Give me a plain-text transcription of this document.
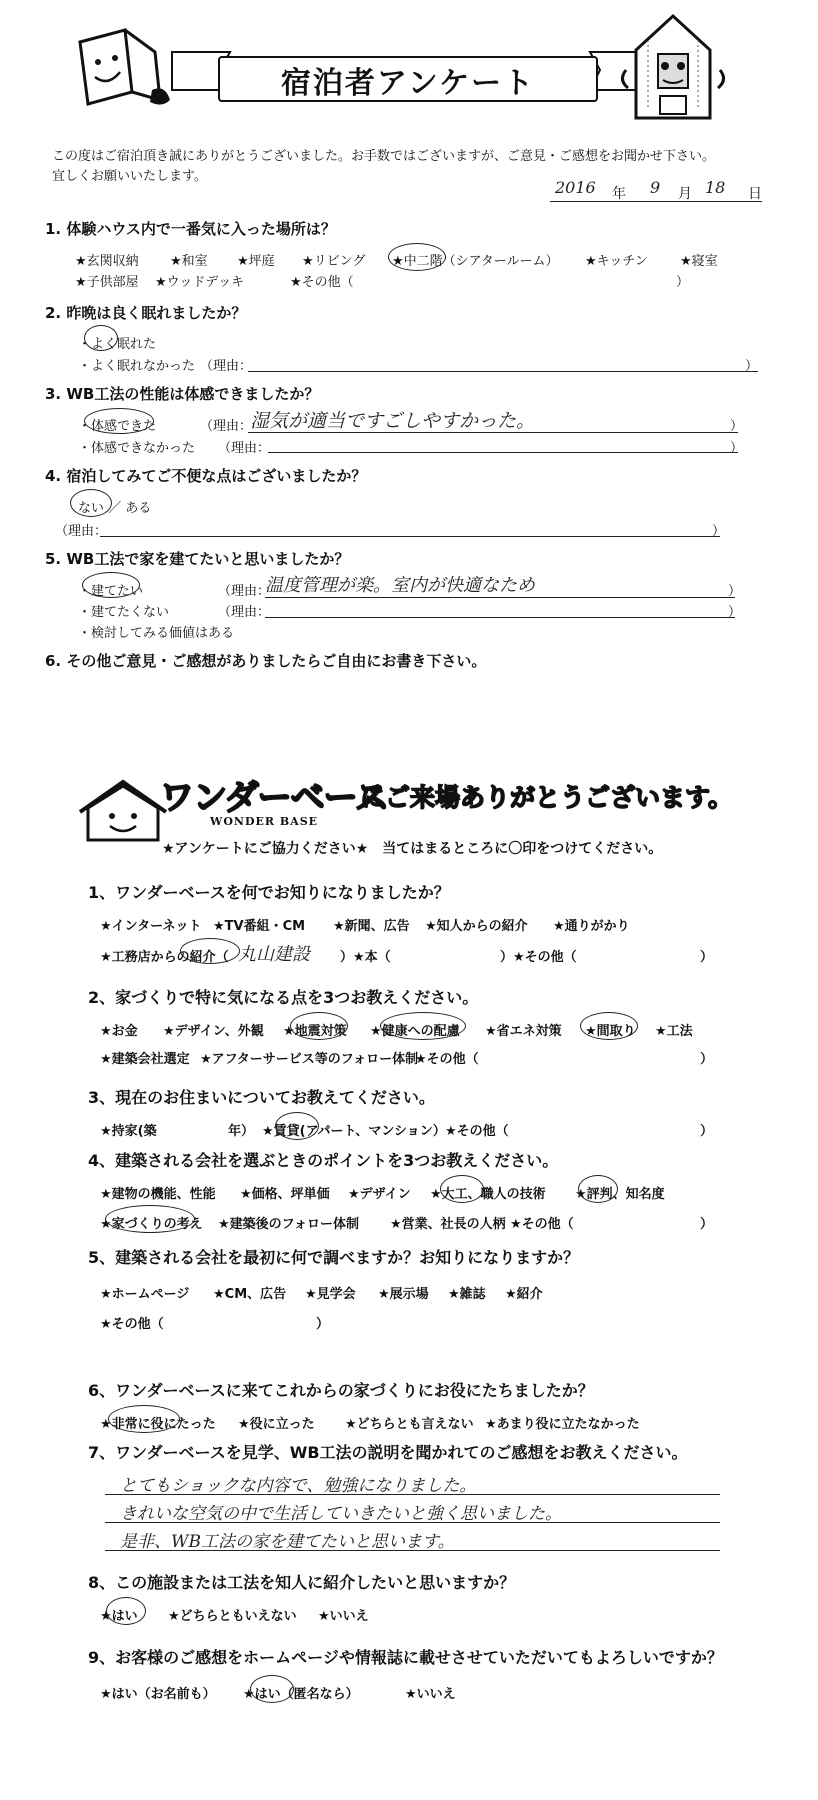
宿泊者アンケート
この度はご宿泊頂き誠にありがとうございました。お手数ではございますが、ご意見・ご感想をお聞かせ下さい。
宜しくお願いいたします。
2016 年 9 月 18 日
1. 体験ハウス内で一番気に入った場所は？
★玄関収納 ★和室 ★坪庭 ★リビング ★中二階（シアタールーム） ★キッチン ★寝室
★子供部屋 ★ウッドデッキ	★その他（	）
2. 昨晩は良く眠れましたか？
・よく眠れた
・よく眠れなかった （理由：	）
3. WB工法の性能は体感できましたか？
・体感できた	（理由：
湿気が適当ですごしやすかった。	）
・体感できなかった （理由：	）
4. 宿泊してみてご不便な点はございましたか？
ない ／ ある
（理由：	）
5. WB工法で家を建てたいと思いましたか？
・建てたい	（理由：
温度管理が楽。室内が快適なため	）
・建てたくない	（理由：	）
・検討してみる価値はある
6. その他ご意見・ご感想がありましたらご自由にお書き下さい。
ワンダーベース
WONDER BASE
にご来場ありがとうございます。
★アンケートにご協力ください★　当てはまるところに〇印をつけてください。
1、ワンダーベースを何でお知りになりましたか？
★インターネット ★TV番組・CM ★新聞、広告 ★知人からの紹介 ★通りがかり
★工務店からの紹介（ 丸山建設 ）★本（	）★その他（	）
2、家づくりで特に気になる点を3つお教えください。
★お金 ★デザイン、外観 ★地震対策 ★健康への配慮 ★省エネ対策 ★間取り ★工法
★建築会社選定 ★アフターサービス等のフォロー体制
★その他（	）
3、現在のお住まいについてお教えてください。
★持家(築	年） ★賃貸(アパート、マンション） ★その他（	）
4、建築される会社を選ぶときのポイントを3つお教えください。
★建物の機能、性能 ★価格、坪単価 ★デザイン ★大工、職人の技術 ★評判、知名度
★家づくりの考え ★建築後のフォロー体制 ★営業、社長の人柄 ★その他（	）
5、建築される会社を最初に何で調べますか？お知りになりますか？
★ホームページ ★CM、広告 ★見学会 ★展示場 ★雑誌 ★紹介
★その他（	）
6、ワンダーベースに来てこれからの家づくりにお役にたちましたか？
★非常に役にたった ★役に立った ★どちらとも言えない ★あまり役に立たなかった
7、ワンダーベースを見学、WB工法の説明を聞かれてのご感想をお教えください。
とてもショックな内容で、勉強になりました。
きれいな空気の中で生活していきたいと強く思いました。
是非、WB工法の家を建てたいと思います。
8、この施設または工法を知人に紹介したいと思いますか？
★はい ★どちらともいえない ★いいえ
9、お客様のご感想をホームページや情報誌に載せさせていただいてもよろしいですか？
★はい（お名前も） ★はい（匿名なら）	★いいえ
